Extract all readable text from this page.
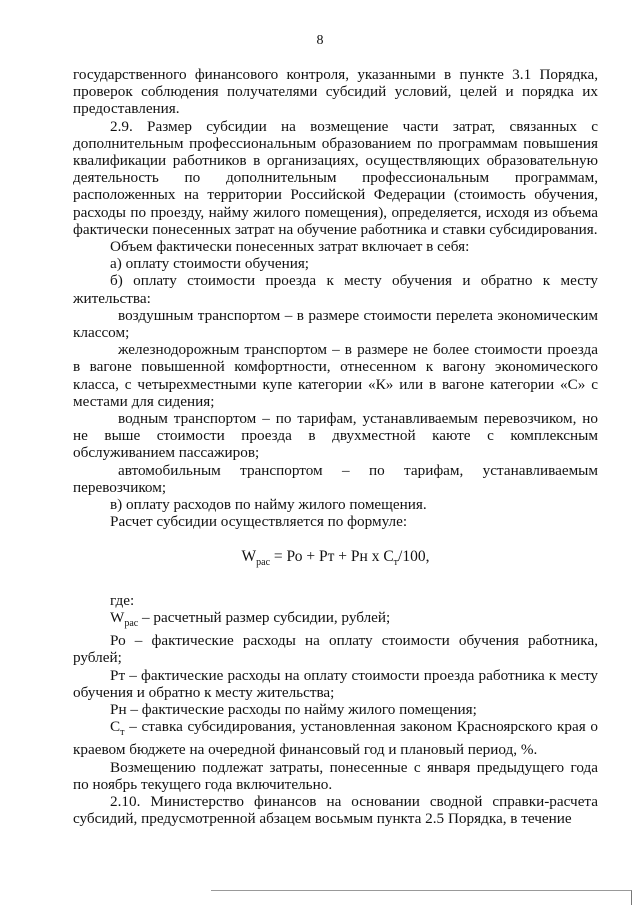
8

государственного финансового контроля, указанными в пункте 3.1 Порядка, проверок соблюдения получателями субсидий условий, целей и порядка их предоставления.

2.9. Размер субсидии на возмещение части затрат, связанных с дополнительным профессиональным образованием по программам повышения квалификации работников в организациях, осуществляющих образовательную деятельность по дополнительным профессиональным программам, расположенных на территории Российской Федерации (стоимость обучения, расходы по проезду, найму жилого помещения), определяется, исходя из объема фактически понесенных затрат на обучение работника и ставки субсидирования.

Объем фактически понесенных затрат включает в себя:

а) оплату стоимости обучения;

б) оплату стоимости проезда к месту обучения и обратно к месту жительства:

воздушным транспортом – в размере стоимости перелета экономическим классом;

железнодорожным транспортом – в размере не более стоимости проезда в вагоне повышенной комфортности, отнесенном к вагону экономического класса, с четырехместными купе категории «К» или в вагоне категории «С» с местами для сидения;

водным транспортом – по тарифам, устанавливаемым перевозчиком, но не выше стоимости проезда в двухместной каюте с комплексным обслуживанием пассажиров;

автомобильным транспортом – по тарифам, устанавливаемым перевозчиком;

в) оплату расходов по найму жилого помещения.

Расчет субсидии осуществляется по формуле:

$W_{рас}$ = Ро + Рт + Рн х $С_т/100$,

где:

$W_{рас}$ – расчетный размер субсидии, рублей;

Ро – фактические расходы на оплату стоимости обучения работника, рублей;

Рт – фактические расходы на оплату стоимости проезда работника к месту обучения и обратно к месту жительства;

Рн – фактические расходы по найму жилого помещения;

$С_т$ – ставка субсидирования, установленная законом Красноярского края о краевом бюджете на очередной финансовый год и плановый период, %.

Возмещению подлежат затраты, понесенные с января предыдущего года по ноябрь текущего года включительно.

2.10. Министерство финансов на основании сводной справки-расчета субсидий, предусмотренной абзацем восьмым пункта 2.5 Порядка, в течение
